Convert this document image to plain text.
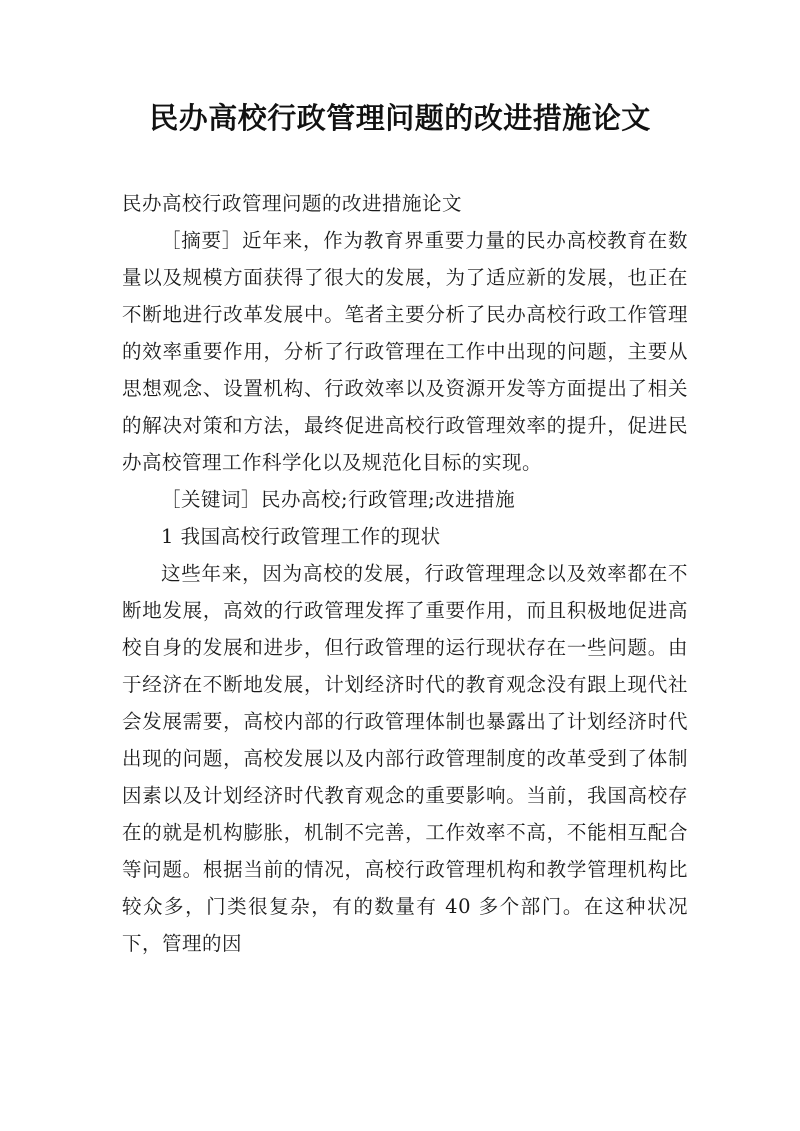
民办高校行政管理问题的改进措施论文

民办高校行政管理问题的改进措施论文

［摘要］近年来，作为教育界重要力量的民办高校教育在数量以及规模方面获得了很大的发展，为了适应新的发展，也正在不断地进行改革发展中。笔者主要分析了民办高校行政工作管理的效率重要作用，分析了行政管理在工作中出现的问题，主要从思想观念、设置机构、行政效率以及资源开发等方面提出了相关的解决对策和方法，最终促进高校行政管理效率的提升，促进民办高校管理工作科学化以及规范化目标的实现。

［关键词］民办高校;行政管理;改进措施

1 我国高校行政管理工作的现状

这些年来，因为高校的发展，行政管理理念以及效率都在不断地发展，高效的行政管理发挥了重要作用，而且积极地促进高校自身的发展和进步，但行政管理的运行现状存在一些问题。由于经济在不断地发展，计划经济时代的教育观念没有跟上现代社会发展需要，高校内部的行政管理体制也暴露出了计划经济时代出现的问题，高校发展以及内部行政管理制度的改革受到了体制因素以及计划经济时代教育观念的重要影响。当前，我国高校存在的就是机构膨胀，机制不完善，工作效率不高，不能相互配合等问题。根据当前的情况，高校行政管理机构和教学管理机构比较众多，门类很复杂，有的数量有 40 多个部门。在这种状况下，管理的因
